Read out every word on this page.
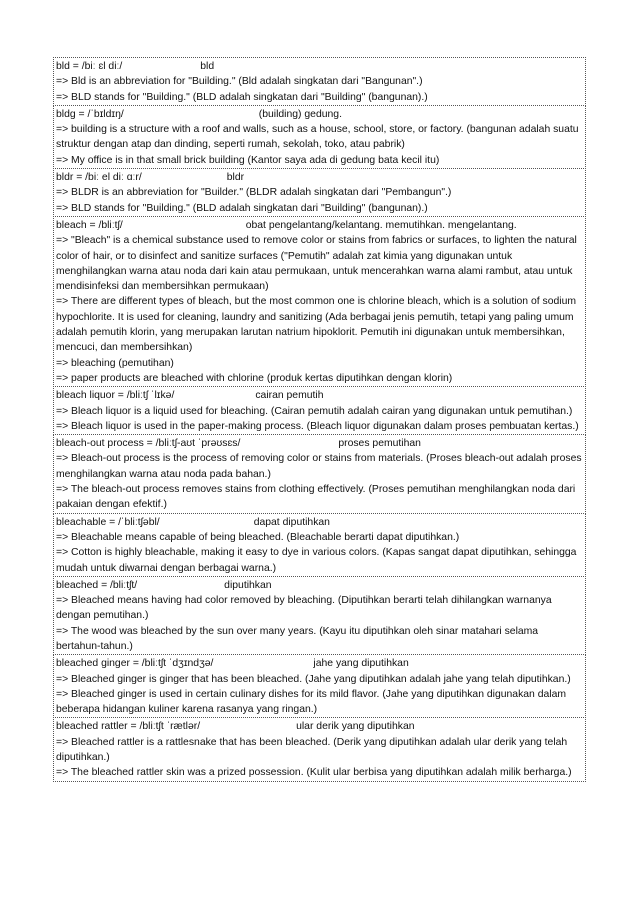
bld = /biː ɛl diː/	bld
=> Bld is an abbreviation for "Building." (Bld adalah singkatan dari "Bangunan".)
=> BLD stands for "Building." (BLD adalah singkatan dari "Building" (bangunan).)
bldg = /ˈbɪldɪŋ/	(building) gedung.
=> building is a structure with a roof and walls, such as a house, school, store, or factory. (bangunan adalah suatu struktur dengan atap dan dinding, seperti rumah, sekolah, toko, atau pabrik)
=> My office is in that small brick building (Kantor saya ada di gedung bata kecil itu)
bldr = /biː el diː ɑːr/	bldr
=> BLDR is an abbreviation for "Builder." (BLDR adalah singkatan dari "Pembangun".)
=> BLD stands for "Building." (BLD adalah singkatan dari "Building" (bangunan).)
bleach = /bliːtʃ/	obat pengelantang/kelantang. memutihkan. mengelantang.
=> "Bleach" is a chemical substance used to remove color or stains from fabrics or surfaces, to lighten the natural color of hair, or to disinfect and sanitize surfaces ("Pemutih" adalah zat kimia yang digunakan untuk menghilangkan warna atau noda dari kain atau permukaan, untuk mencerahkan warna alami rambut, atau untuk mendisinfeksi dan membersihkan permukaan)
=> There are different types of bleach, but the most common one is chlorine bleach, which is a solution of sodium hypochlorite. It is used for cleaning, laundry and sanitizing (Ada berbagai jenis pemutih, tetapi yang paling umum adalah pemutih klorin, yang merupakan larutan natrium hipoklorit. Pemutih ini digunakan untuk membersihkan, mencuci, dan membersihkan)
=> bleaching (pemutihan)
=> paper products are bleached with chlorine (produk kertas diputihkan dengan klorin)
bleach liquor = /bliːtʃ ˈlɪkə/	cairan pemutih
=> Bleach liquor is a liquid used for bleaching. (Cairan pemutih adalah cairan yang digunakan untuk pemutihan.)
=> Bleach liquor is used in the paper-making process. (Bleach liquor digunakan dalam proses pembuatan kertas.)
bleach-out process = /bliːtʃ-aʊt ˈprəʊsɛs/	proses pemutihan
=> Bleach-out process is the process of removing color or stains from materials. (Proses bleach-out adalah proses menghilangkan warna atau noda pada bahan.)
=> The bleach-out process removes stains from clothing effectively. (Proses pemutihan menghilangkan noda dari pakaian dengan efektif.)
bleachable = /ˈbliːtʃəbl/	dapat diputihkan
=> Bleachable means capable of being bleached. (Bleachable berarti dapat diputihkan.)
=> Cotton is highly bleachable, making it easy to dye in various colors. (Kapas sangat dapat diputihkan, sehingga mudah untuk diwarnai dengan berbagai warna.)
bleached = /bliːtʃt/	diputihkan
=> Bleached means having had color removed by bleaching. (Diputihkan berarti telah dihilangkan warnanya dengan pemutihan.)
=> The wood was bleached by the sun over many years. (Kayu itu diputihkan oleh sinar matahari selama bertahun-tahun.)
bleached ginger = /bliːtʃt ˈdʒɪndʒə/	jahe yang diputihkan
=> Bleached ginger is ginger that has been bleached. (Jahe yang diputihkan adalah jahe yang telah diputihkan.)
=> Bleached ginger is used in certain culinary dishes for its mild flavor. (Jahe yang diputihkan digunakan dalam beberapa hidangan kuliner karena rasanya yang ringan.)
bleached rattler = /bliːtʃt ˈrætlər/	ular derik yang diputihkan
=> Bleached rattler is a rattlesnake that has been bleached. (Derik yang diputihkan adalah ular derik yang telah diputihkan.)
=> The bleached rattler skin was a prized possession. (Kulit ular berbisa yang diputihkan adalah milik berharga.)
